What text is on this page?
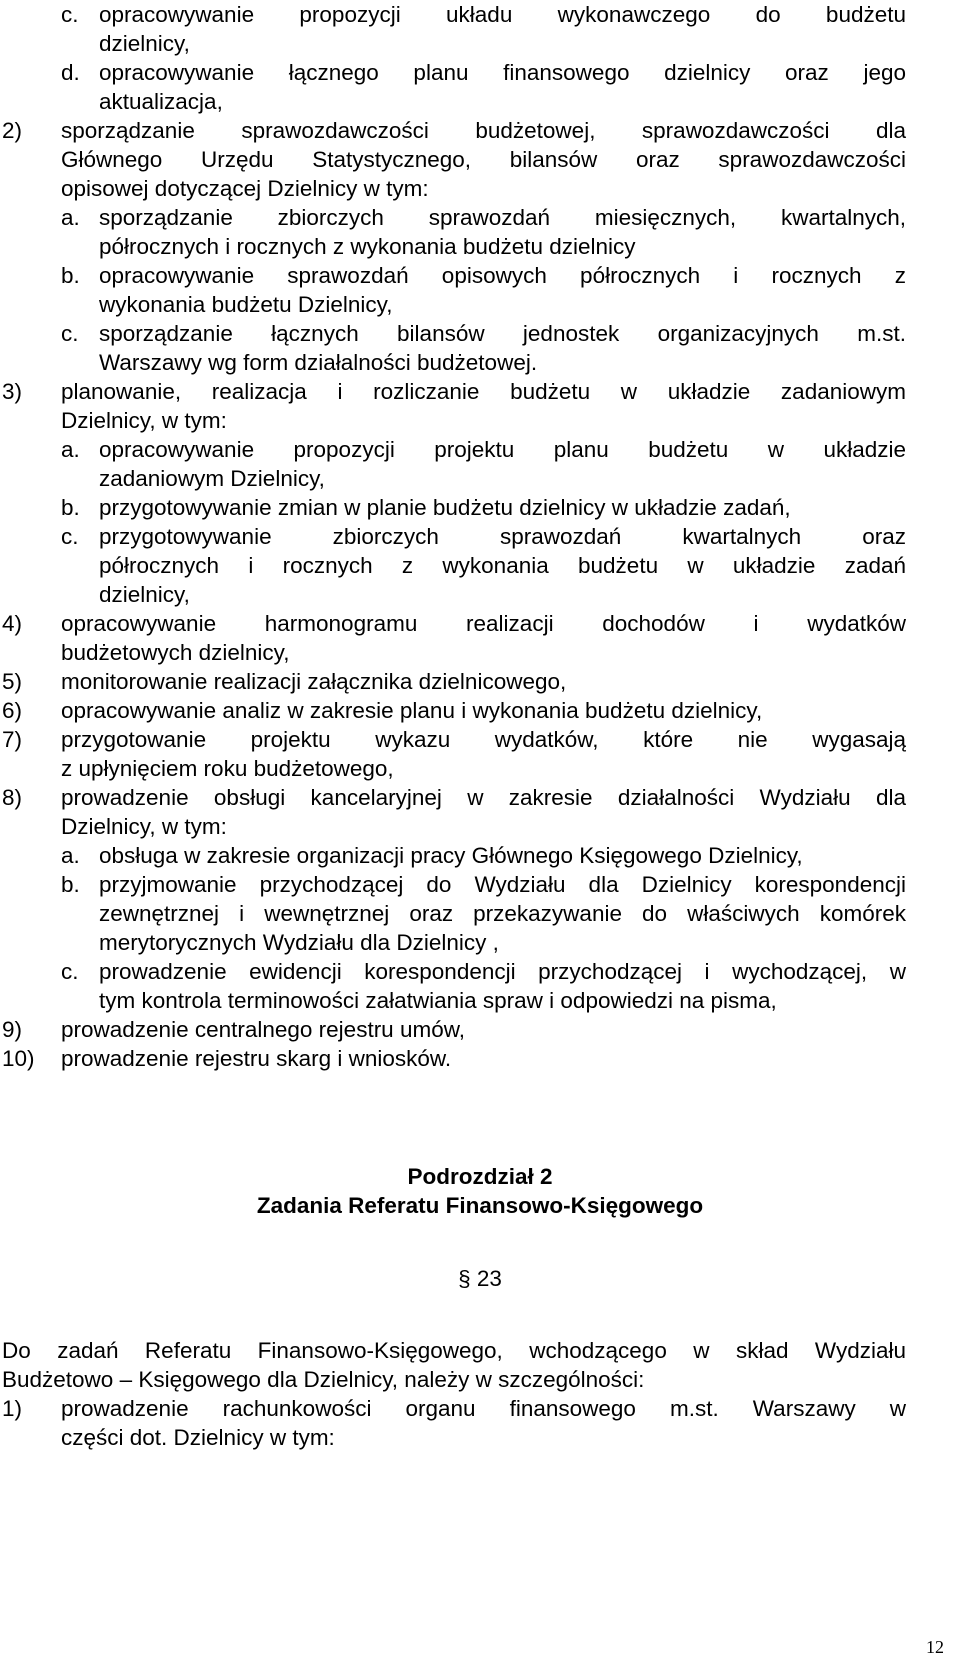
c. opracowywanie propozycji układu wykonawczego do budżetu
dzielnicy,
d. opracowywanie łącznego planu finansowego dzielnicy oraz jego
aktualizacja,
2)	sporządzanie sprawozdawczości budżetowej, sprawozdawczości dla
Głównego Urzędu Statystycznego, bilansów oraz sprawozdawczości
opisowej dotyczącej Dzielnicy w tym:
a. sporządzanie zbiorczych sprawozdań miesięcznych, kwartalnych,
półrocznych i rocznych z wykonania budżetu dzielnicy
b. opracowywanie sprawozdań opisowych półrocznych i rocznych z
wykonania budżetu Dzielnicy,
c. sporządzanie łącznych bilansów jednostek organizacyjnych m.st.
Warszawy wg form działalności budżetowej.
3)	planowanie, realizacja i rozliczanie budżetu w układzie zadaniowym
Dzielnicy, w tym:
a. opracowywanie propozycji projektu planu budżetu w układzie
zadaniowym Dzielnicy,
b. przygotowywanie zmian w planie budżetu dzielnicy w układzie zadań,
c. przygotowywanie zbiorczych sprawozdań kwartalnych oraz
półrocznych i rocznych z wykonania budżetu w układzie zadań
dzielnicy,
4)	opracowywanie harmonogramu realizacji dochodów i wydatków
budżetowych dzielnicy,
5)	monitorowanie realizacji załącznika dzielnicowego,
6)	opracowywanie analiz w zakresie planu i wykonania budżetu dzielnicy,
7)	przygotowanie projektu wykazu wydatków, które nie wygasają
z upłynięciem roku budżetowego,
8)	prowadzenie obsługi kancelaryjnej w zakresie działalności Wydziału dla
Dzielnicy, w tym:
a. obsługa w zakresie organizacji pracy Głównego Księgowego Dzielnicy,
b. przyjmowanie przychodzącej do Wydziału dla Dzielnicy korespondencji
zewnętrznej i wewnętrznej oraz przekazywanie do właściwych komórek
merytorycznych Wydziału dla Dzielnicy ,
c. prowadzenie ewidencji korespondencji przychodzącej i wychodzącej, w
tym kontrola terminowości załatwiania spraw i odpowiedzi na pisma,
9)	prowadzenie centralnego rejestru umów,
10)	prowadzenie rejestru skarg i wniosków.
Podrozdział 2
Zadania Referatu Finansowo-Księgowego
§ 23
Do zadań Referatu Finansowo-Księgowego, wchodzącego w skład Wydziału
Budżetowo – Księgowego dla Dzielnicy, należy w szczególności:
1)	prowadzenie rachunkowości organu finansowego m.st. Warszawy w
części dot. Dzielnicy w tym:
12
